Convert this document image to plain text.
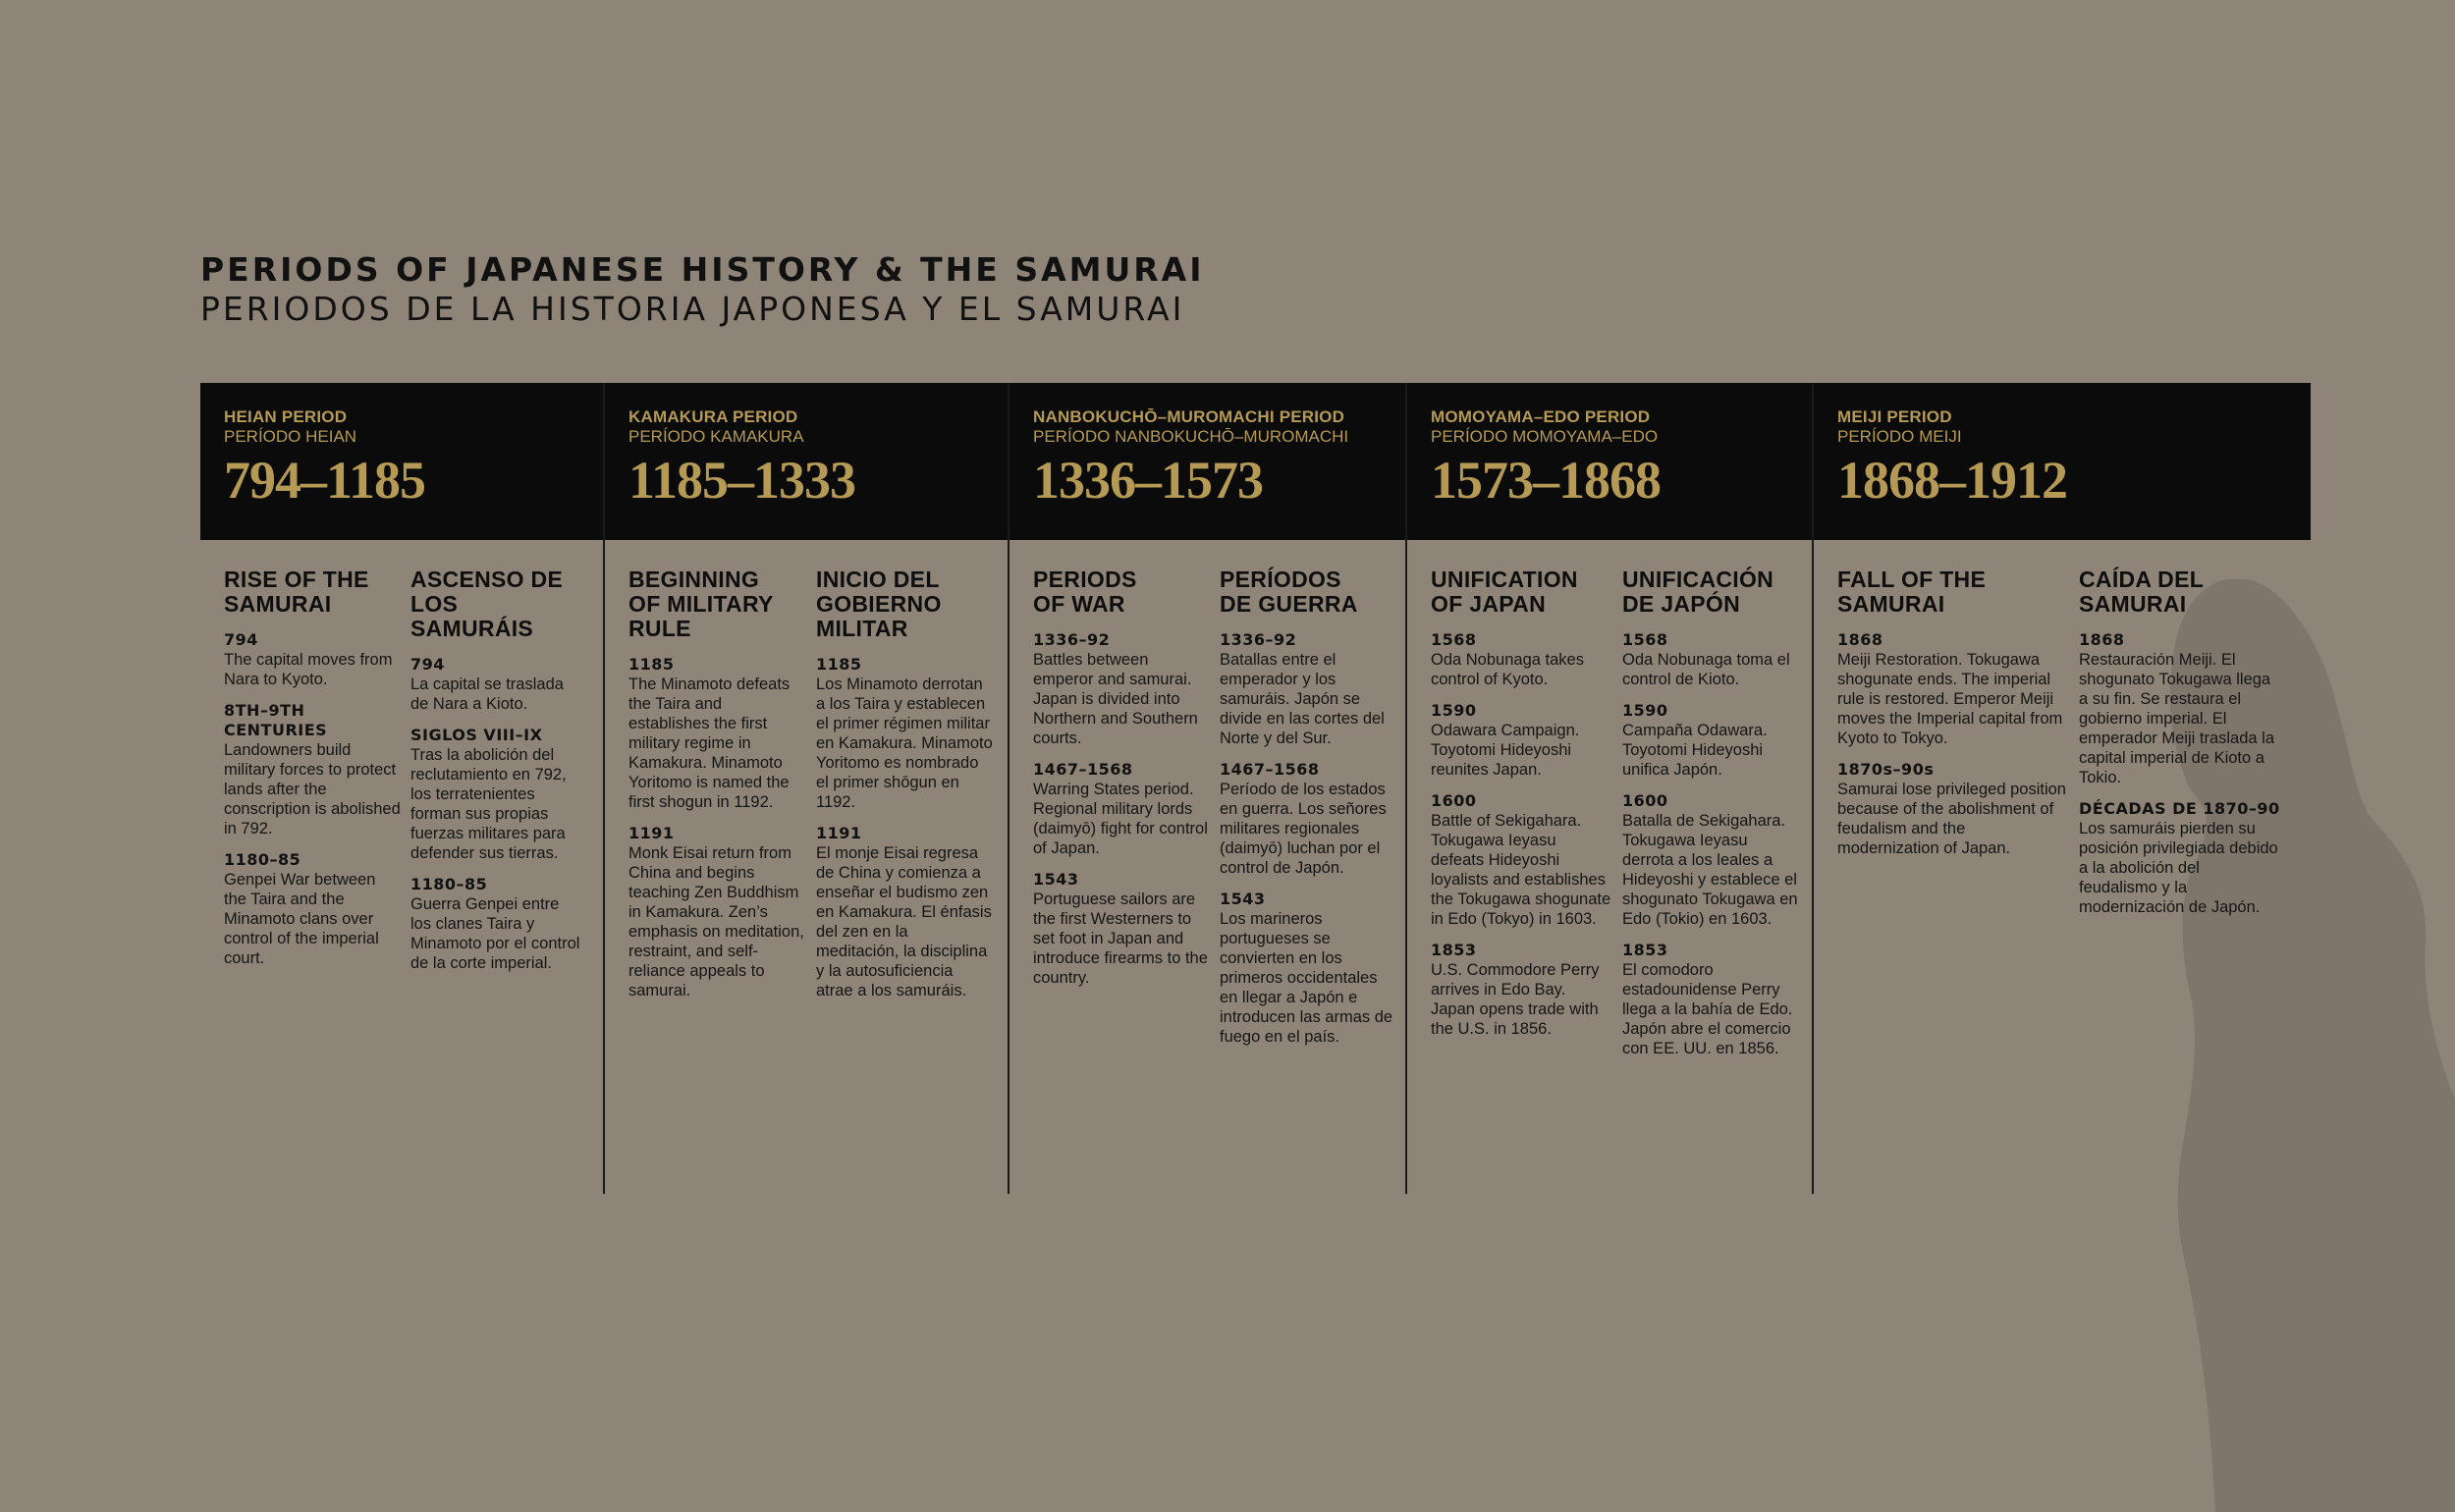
PERIODS OF JAPANESE HISTORY & THE SAMURAI
PERIODOS DE LA HISTORIA JAPONESA Y EL SAMURAI
HEIAN PERIOD
PERÍODO HEIAN
794–1185
RISE OF THE SAMURAI
794
The capital moves from Nara to Kyoto.
8TH–9TH CENTURIES
Landowners build military forces to protect lands after the conscription is abolished in 792.
1180–85
Genpei War between the Taira and the Minamoto clans over control of the imperial court.
ASCENSO DE LOS SAMURÁIS
794
La capital se traslada de Nara a Kioto.
SIGLOS VIII–IX
Tras la abolición del reclutamiento en 792, los terratenientes forman sus propias fuerzas militares para defender sus tierras.
1180–85
Guerra Genpei entre los clanes Taira y Minamoto por el control de la corte imperial.
KAMAKURA PERIOD
PERÍODO KAMAKURA
1185–1333
BEGINNING OF MILITARY RULE
1185
The Minamoto defeats the Taira and establishes the first military regime in Kamakura. Minamoto Yoritomo is named the first shogun in 1192.
1191
Monk Eisai return from China and begins teaching Zen Buddhism in Kamakura. Zen’s emphasis on meditation, restraint, and self-reliance appeals to samurai.
INICIO DEL GOBIERNO MILITAR
1185
Los Minamoto derrotan a los Taira y establecen el primer régimen militar en Kamakura. Minamoto Yoritomo es nombrado el primer shōgun en 1192.
1191
El monje Eisai regresa de China y comienza a enseñar el budismo zen en Kamakura. El énfasis del zen en la meditación, la disciplina y la autosuficiencia atrae a los samuráis.
NANBOKUCHŌ–MUROMACHI PERIOD
PERÍODO NANBOKUCHŌ–MUROMACHI
1336–1573
PERIODS OF WAR
1336–92
Battles between emperor and samurai. Japan is divided into Northern and Southern courts.
1467–1568
Warring States period. Regional military lords (daimyō) fight for control of Japan.
1543
Portuguese sailors are the first Westerners to set foot in Japan and introduce firearms to the country.
PERÍODOS DE GUERRA
1336–92
Batallas entre el emperador y los samuráis. Japón se divide en las cortes del Norte y del Sur.
1467–1568
Período de los estados en guerra. Los señores militares regionales (daimyō) luchan por el control de Japón.
1543
Los marineros portugueses se convierten en los primeros occidentales en llegar a Japón e introducen las armas de fuego en el país.
MOMOYAMA–EDO PERIOD
PERÍODO MOMOYAMA–EDO
1573–1868
UNIFICATION OF JAPAN
1568
Oda Nobunaga takes control of Kyoto.
1590
Odawara Campaign. Toyotomi Hideyoshi reunites Japan.
1600
Battle of Sekigahara. Tokugawa Ieyasu defeats Hideyoshi loyalists and establishes the Tokugawa shogunate in Edo (Tokyo) in 1603.
1853
U.S. Commodore Perry arrives in Edo Bay. Japan opens trade with the U.S. in 1856.
UNIFICACIÓN DE JAPÓN
1568
Oda Nobunaga toma el control de Kioto.
1590
Campaña Odawara. Toyotomi Hideyoshi unifica Japón.
1600
Batalla de Sekigahara. Tokugawa Ieyasu derrota a los leales a Hideyoshi y establece el shogunato Tokugawa en Edo (Tokio) en 1603.
1853
El comodoro estadounidense Perry llega a la bahía de Edo. Japón abre el comercio con EE. UU. en 1856.
MEIJI PERIOD
PERÍODO MEIJI
1868–1912
FALL OF THE SAMURAI
1868
Meiji Restoration. Tokugawa shogunate ends. The imperial rule is restored. Emperor Meiji moves the Imperial capital from Kyoto to Tokyo.
1870s–90s
Samurai lose privileged position because of the abolishment of feudalism and the modernization of Japan.
CAÍDA DEL SAMURAI
1868
Restauración Meiji. El shogunato Tokugawa llega a su fin. Se restaura el gobierno imperial. El emperador Meiji traslada la capital imperial de Kioto a Tokio.
DÉCADAS DE 1870–90
Los samuráis pierden su posición privilegiada debido a la abolición del feudalismo y la modernización de Japón.
